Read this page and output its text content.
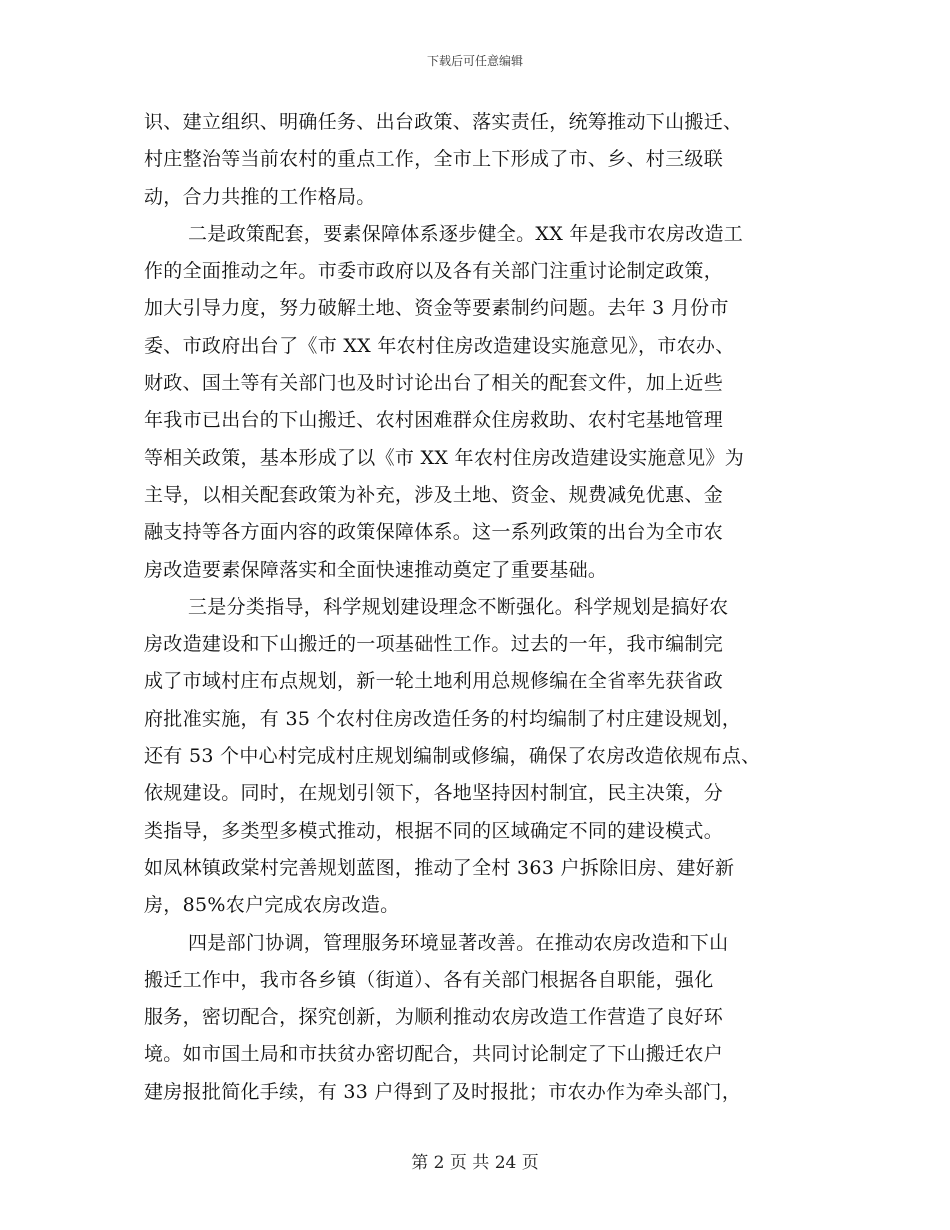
下载后可任意编辑
识、建立组织、明确任务、出台政策、落实责任，统筹推动下山搬迁、
村庄整治等当前农村的重点工作，全市上下形成了市、乡、村三级联
动，合力共推的工作格局。
二是政策配套，要素保障体系逐步健全。XX 年是我市农房改造工
作的全面推动之年。市委市政府以及各有关部门注重讨论制定政策，
加大引导力度，努力破解土地、资金等要素制约问题。去年 3 月份市
委、市政府出台了《市 XX 年农村住房改造建设实施意见》，市农办、
财政、国土等有关部门也及时讨论出台了相关的配套文件，加上近些
年我市已出台的下山搬迁、农村困难群众住房救助、农村宅基地管理
等相关政策，基本形成了以《市 XX 年农村住房改造建设实施意见》为
主导，以相关配套政策为补充，涉及土地、资金、规费减免优惠、金
融支持等各方面内容的政策保障体系。这一系列政策的出台为全市农
房改造要素保障落实和全面快速推动奠定了重要基础。
三是分类指导，科学规划建设理念不断强化。科学规划是搞好农
房改造建设和下山搬迁的一项基础性工作。过去的一年，我市编制完
成了市域村庄布点规划，新一轮土地利用总规修编在全省率先获省政
府批准实施，有 35 个农村住房改造任务的村均编制了村庄建设规划，
还有 53 个中心村完成村庄规划编制或修编，确保了农房改造依规布点、
依规建设。同时，在规划引领下，各地坚持因村制宜，民主决策，分
类指导，多类型多模式推动，根据不同的区域确定不同的建设模式。
如凤林镇政棠村完善规划蓝图，推动了全村 363 户拆除旧房、建好新
房，85%农户完成农房改造。
四是部门协调，管理服务环境显著改善。在推动农房改造和下山
搬迁工作中，我市各乡镇（街道）、各有关部门根据各自职能，强化
服务，密切配合，探究创新，为顺利推动农房改造工作营造了良好环
境。如市国土局和市扶贫办密切配合，共同讨论制定了下山搬迁农户
建房报批简化手续，有 33 户得到了及时报批；市农办作为牵头部门，
第 2 页 共 24 页
